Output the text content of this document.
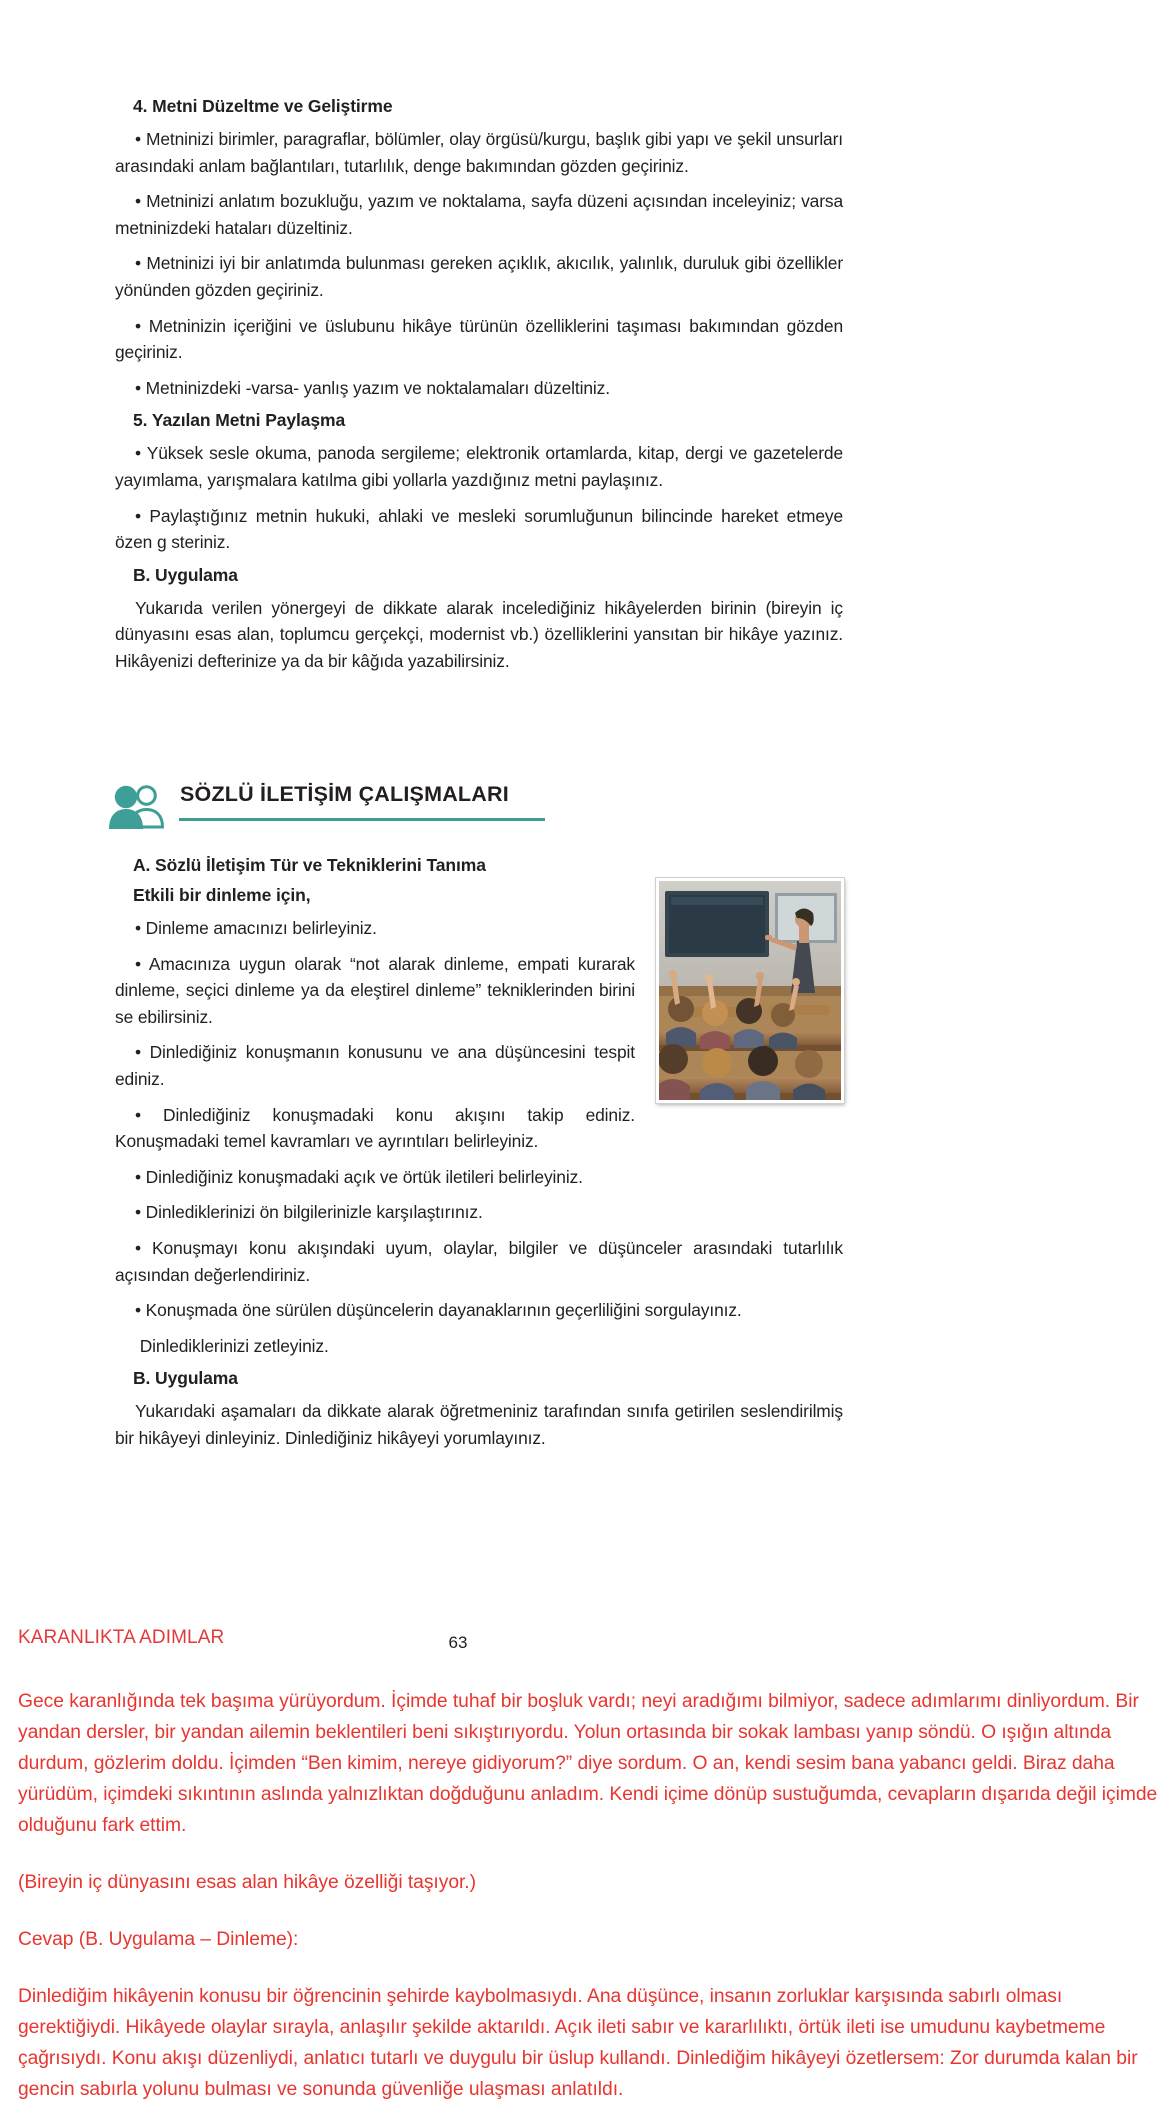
4. Metni Düzeltme ve Geliştirme

• Metninizi birimler, paragraflar, bölümler, olay örgüsü/kurgu, başlık gibi yapı ve şekil unsurları arasındaki anlam bağlantıları, tutarlılık, denge bakımından gözden geçiriniz.

• Metninizi anlatım bozukluğu, yazım ve noktalama, sayfa düzeni açısından inceleyiniz; varsa metninizdeki hataları düzeltiniz.

• Metninizi iyi bir anlatımda bulunması gereken açıklık, akıcılık, yalınlık, duruluk gibi özellikler yönünden gözden geçiriniz.

• Metninizin içeriğini ve üslubunu hikâye türünün özelliklerini taşıması bakımından gözden geçiriniz.

• Metninizdeki -varsa- yanlış yazım ve noktalamaları düzeltiniz.

5. Yazılan Metni Paylaşma

• Yüksek sesle okuma, panoda sergileme; elektronik ortamlarda, kitap, dergi ve gazetelerde yayımlama, yarışmalara katılma gibi yollarla yazdığınız metni paylaşınız.

• Paylaştığınız metnin hukuki, ahlaki ve mesleki sorumluğunun bilincinde hareket etmeye özen g steriniz.

B. Uygulama

Yukarıda verilen yönergeyi de dikkate alarak incelediğiniz hikâyelerden birinin (bireyin iç dünyasını esas alan, toplumcu gerçekçi, modernist vb.) özelliklerini yansıtan bir hikâye yazınız. Hikâyenizi defterinize ya da bir kâğıda yazabilirsiniz.

SÖZLÜ İLETİŞİM ÇALIŞMALARI
A. Sözlü İletişim Tür ve Tekniklerini Tanıma
Etkili bir dinleme için,

• Dinleme amacınızı belirleyiniz.

• Amacınıza uygun olarak “not alarak dinleme, empati kurarak dinleme, seçici dinleme ya da eleştirel dinleme” tekniklerinden birini se ebilirsiniz.

• Dinlediğiniz konuşmanın konusunu ve ana düşüncesini tespit ediniz.

• Dinlediğiniz konuşmadaki konu akışını takip ediniz. Konuşmadaki temel kavramları ve ayrıntıları belirleyiniz.

• Dinlediğiniz konuşmadaki açık ve örtük iletileri belirleyiniz.

• Dinlediklerinizi ön bilgilerinizle karşılaştırınız.

• Konuşmayı konu akışındaki uyum, olaylar, bilgiler ve düşünceler arasındaki tutarlılık açısından değerlendiriniz.

• Konuşmada öne sürülen düşüncelerin dayanaklarının geçerliliğini sorgulayınız.

Dinlediklerinizi zetleyiniz.

B. Uygulama

Yukarıdaki aşamaları da dikkate alarak öğretmeniniz tarafından sınıfa getirilen seslendirilmiş bir hikâyeyi dinleyiniz. Dinlediğiniz hikâyeyi yorumlayınız.

KARANLIKTA ADIMLAR	63

Gece karanlığında tek başıma yürüyordum. İçimde tuhaf bir boşluk vardı; neyi aradığımı bilmiyor, sadece adımlarımı dinliyordum. Bir yandan dersler, bir yandan ailemin beklentileri beni sıkıştırıyordu. Yolun ortasında bir sokak lambası yanıp söndü. O ışığın altında durdum, gözlerim doldu. İçimden “Ben kimim, nereye gidiyorum?” diye sordum. O an, kendi sesim bana yabancı geldi. Biraz daha yürüdüm, içimdeki sıkıntının aslında yalnızlıktan doğduğunu anladım. Kendi içime dönüp sustuğumda, cevapların dışarıda değil içimde olduğunu fark ettim.

(Bireyin iç dünyasını esas alan hikâye özelliği taşıyor.)

Cevap (B. Uygulama – Dinleme):

Dinlediğim hikâyenin konusu bir öğrencinin şehirde kaybolmasıydı. Ana düşünce, insanın zorluklar karşısında sabırlı olması gerektiğiydi. Hikâyede olaylar sırayla, anlaşılır şekilde aktarıldı. Açık ileti sabır ve kararlılıktı, örtük ileti ise umudunu kaybetmeme çağrısıydı. Konu akışı düzenliydi, anlatıcı tutarlı ve duygulu bir üslup kullandı. Dinlediğim hikâyeyi özetlersem: Zor durumda kalan bir gencin sabırla yolunu bulması ve sonunda güvenliğe ulaşması anlatıldı.
